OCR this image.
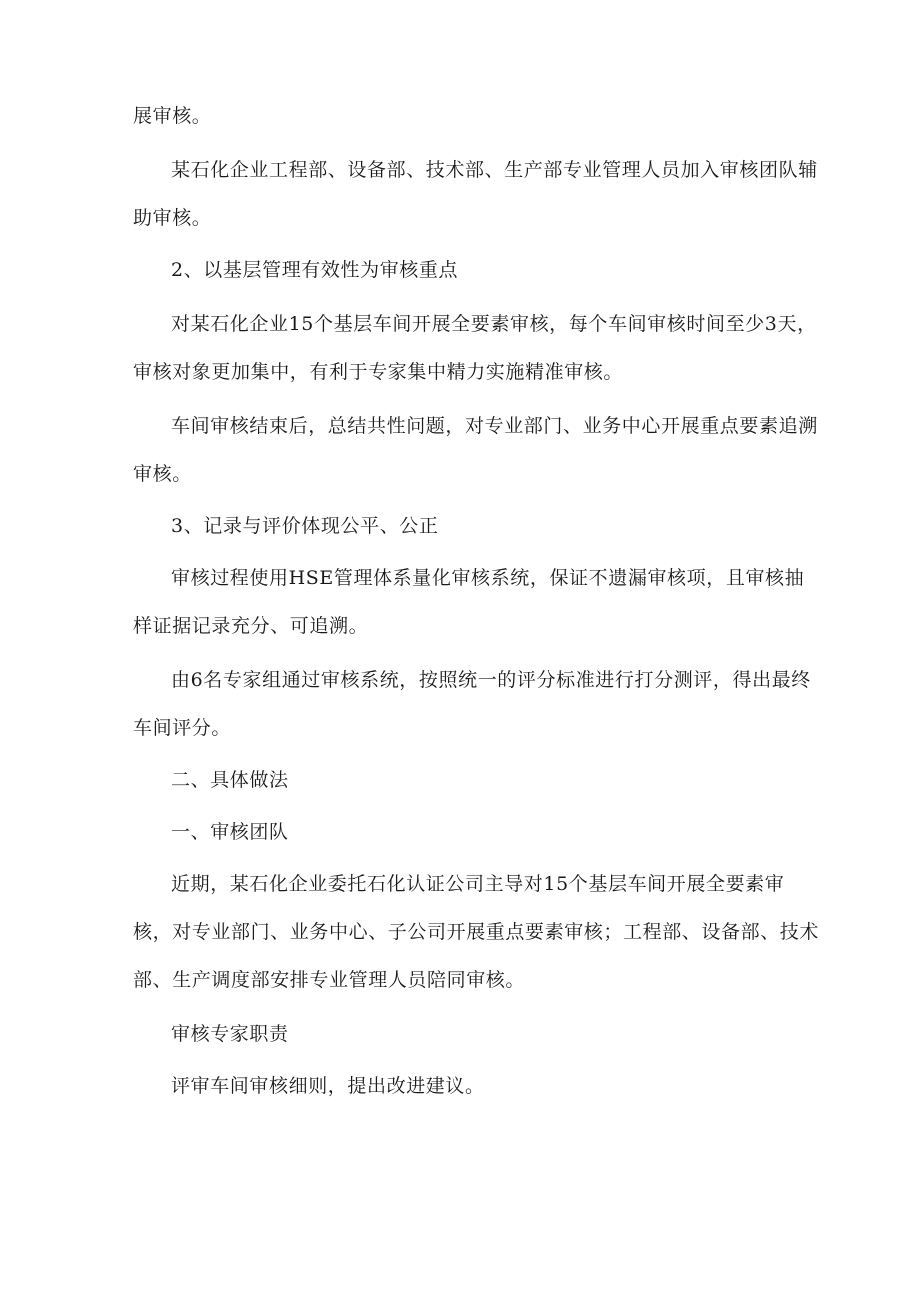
展审核。

某石化企业工程部、设备部、技术部、生产部专业管理人员加入审核团队辅助审核。

2、以基层管理有效性为审核重点

对某石化企业15个基层车间开展全要素审核，每个车间审核时间至少3天，审核对象更加集中，有利于专家集中精力实施精准审核。

车间审核结束后，总结共性问题，对专业部门、业务中心开展重点要素追溯审核。

3、记录与评价体现公平、公正

审核过程使用HSE管理体系量化审核系统，保证不遗漏审核项，且审核抽样证据记录充分、可追溯。

由6名专家组通过审核系统，按照统一的评分标准进行打分测评，得出最终车间评分。

二、具体做法

一、审核团队

近期，某石化企业委托石化认证公司主导对15个基层车间开展全要素审核，对专业部门、业务中心、子公司开展重点要素审核；工程部、设备部、技术部、生产调度部安排专业管理人员陪同审核。

审核专家职责

评审车间审核细则，提出改进建议。
